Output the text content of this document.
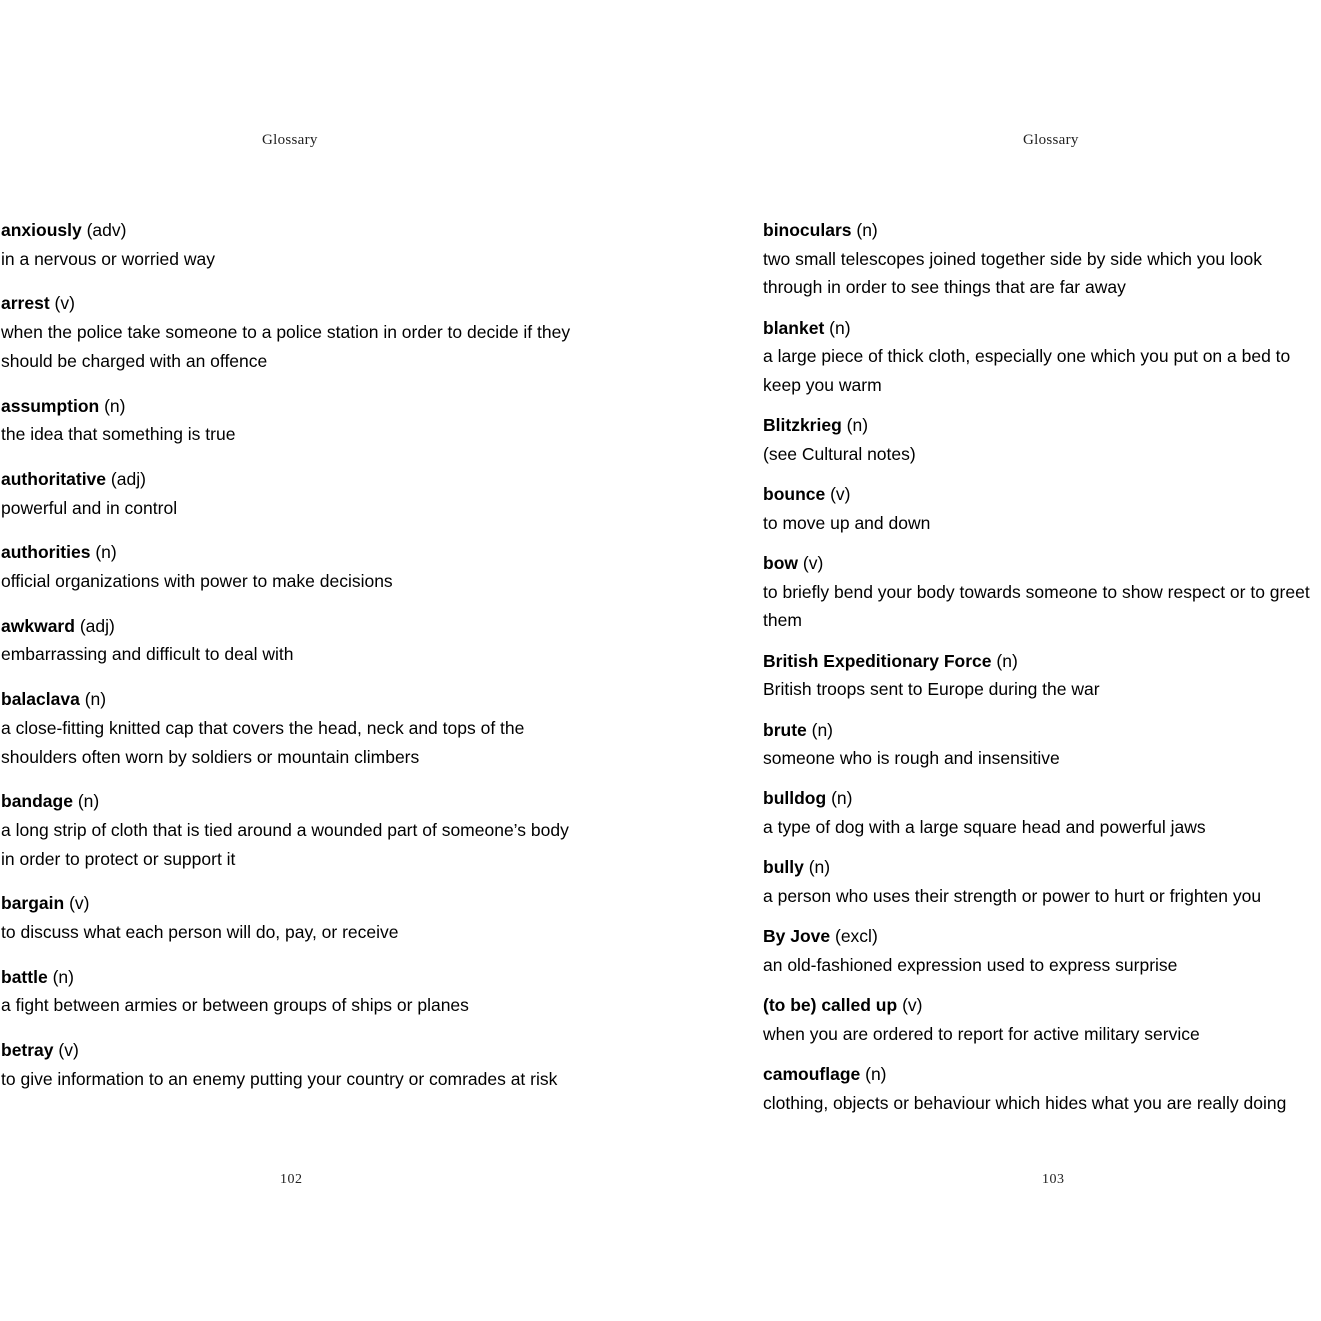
Glossary
anxiously (adv)
in a nervous or worried way
arrest (v)
when the police take someone to a police station in order to decide if they should be charged with an offence
assumption (n)
the idea that something is true
authoritative (adj)
powerful and in control
authorities (n)
official organizations with power to make decisions
awkward (adj)
embarrassing and difficult to deal with
balaclava (n)
a close-fitting knitted cap that covers the head, neck and tops of the shoulders often worn by soldiers or mountain climbers
bandage (n)
a long strip of cloth that is tied around a wounded part of someone’s body in order to protect or support it
bargain (v)
to discuss what each person will do, pay, or receive
battle (n)
a fight between armies or between groups of ships or planes
betray (v)
to give information to an enemy putting your country or comrades at risk
102
Glossary
binoculars (n)
two small telescopes joined together side by side which you look through in order to see things that are far away
blanket (n)
a large piece of thick cloth, especially one which you put on a bed to keep you warm
Blitzkrieg (n)
(see Cultural notes)
bounce (v)
to move up and down
bow (v)
to briefly bend your body towards someone to show respect or to greet them
British Expeditionary Force (n)
British troops sent to Europe during the war
brute (n)
someone who is rough and insensitive
bulldog (n)
a type of dog with a large square head and powerful jaws
bully (n)
a person who uses their strength or power to hurt or frighten you
By Jove (excl)
an old-fashioned expression used to express surprise
(to be) called up (v)
when you are ordered to report for active military service
camouflage (n)
clothing, objects or behaviour which hides what you are really doing
103
